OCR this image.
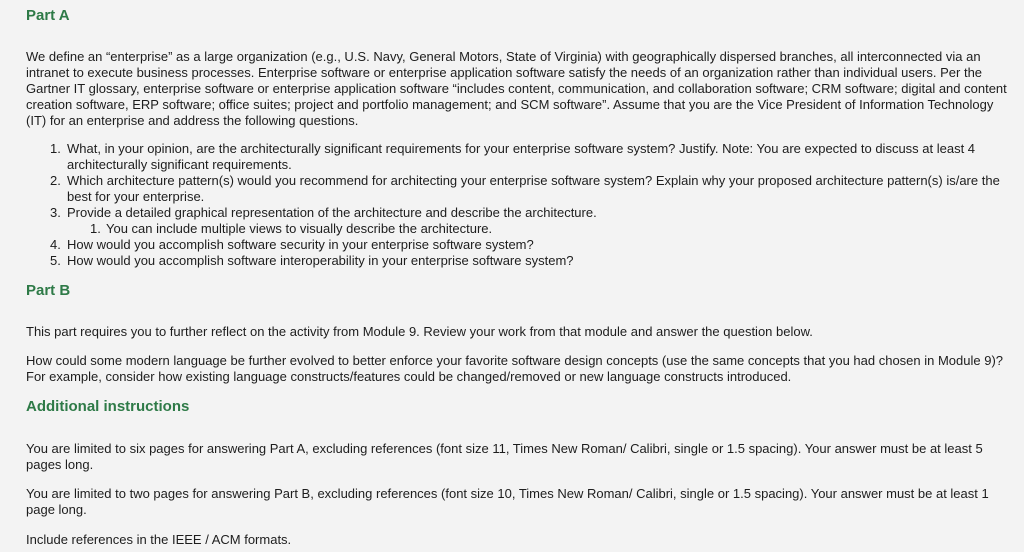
Part A

We define an “enterprise” as a large organization (e.g., U.S. Navy, General Motors, State of Virginia) with geographically dispersed branches, all interconnected via an intranet to execute business processes. Enterprise software or enterprise application software satisfy the needs of an organization rather than individual users. Per the Gartner IT glossary, enterprise software or enterprise application software “includes content, communication, and collaboration software; CRM software; digital and content creation software, ERP software; office suites; project and portfolio management; and SCM software”. Assume that you are the Vice President of Information Technology (IT) for an enterprise and address the following questions.

1. What, in your opinion, are the architecturally significant requirements for your enterprise software system? Justify. Note: You are expected to discuss at least 4 architecturally significant requirements.
2. Which architecture pattern(s) would you recommend for architecting your enterprise software system? Explain why your proposed architecture pattern(s) is/are the best for your enterprise.
3. Provide a detailed graphical representation of the architecture and describe the architecture.
1. You can include multiple views to visually describe the architecture.
4. How would you accomplish software security in your enterprise software system?
5. How would you accomplish software interoperability in your enterprise software system?
Part B

This part requires you to further reflect on the activity from Module 9. Review your work from that module and answer the question below.

How could some modern language be further evolved to better enforce your favorite software design concepts (use the same concepts that you had chosen in Module 9)? For example, consider how existing language constructs/features could be changed/removed or new language constructs introduced.

Additional instructions

You are limited to six pages for answering Part A, excluding references (font size 11, Times New Roman/ Calibri, single or 1.5 spacing). Your answer must be at least 5 pages long.

You are limited to two pages for answering Part B, excluding references (font size 10, Times New Roman/ Calibri, single or 1.5 spacing). Your answer must be at least 1 page long.

Include references in the IEEE / ACM formats.
